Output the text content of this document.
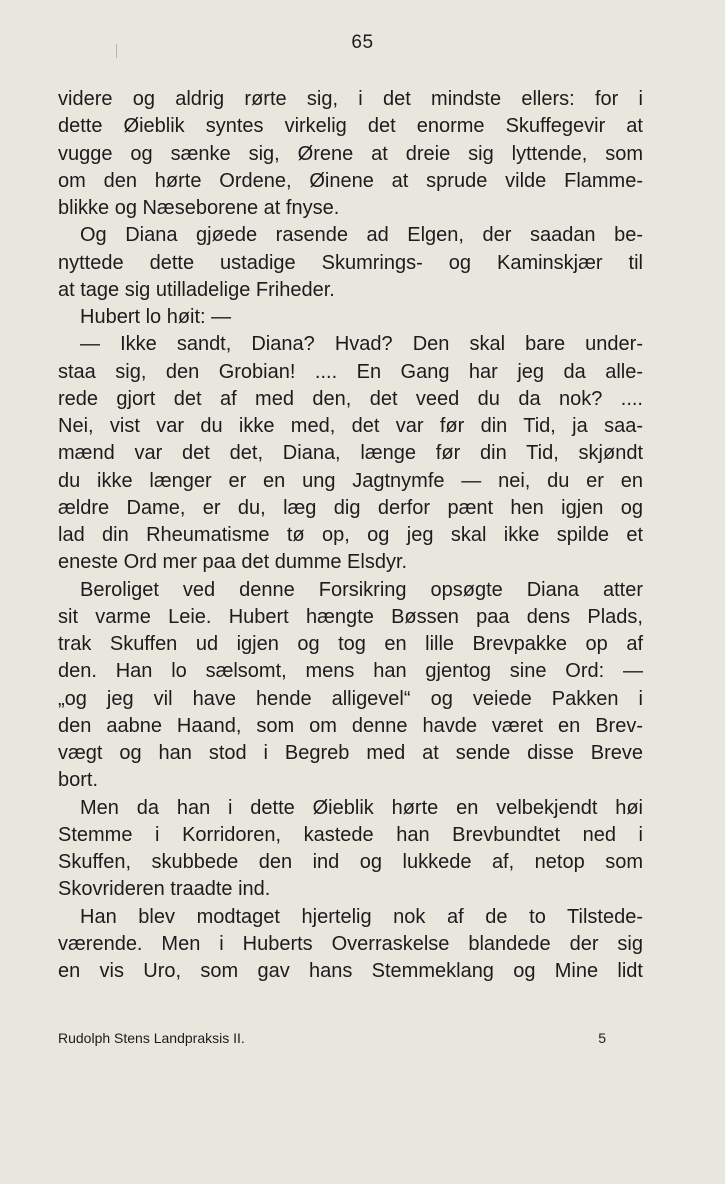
65
videre og aldrig rørte sig, i det mindste ellers: for i
dette Øieblik syntes virkelig det enorme Skuffegevir at
vugge og sænke sig, Ørene at dreie sig lyttende, som
om den hørte Ordene, Øinene at sprude vilde Flamme-
blikke og Næseborene at fnyse.
Og Diana gjøede rasende ad Elgen, der saadan be-
nyttede dette ustadige Skumrings- og Kaminskjær til
at tage sig utilladelige Friheder.
Hubert lo høit: —
— Ikke sandt, Diana? Hvad? Den skal bare under-
staa sig, den Grobian! .... En Gang har jeg da alle-
rede gjort det af med den, det veed du da nok? ....
Nei, vist var du ikke med, det var før din Tid, ja saa-
mænd var det det, Diana, længe før din Tid, skjøndt
du ikke længer er en ung Jagtnymfe — nei, du er en
ældre Dame, er du, læg dig derfor pænt hen igjen og
lad din Rheumatisme tø op, og jeg skal ikke spilde et
eneste Ord mer paa det dumme Elsdyr.
Beroliget ved denne Forsikring opsøgte Diana atter
sit varme Leie. Hubert hængte Bøssen paa dens Plads,
trak Skuffen ud igjen og tog en lille Brevpakke op af
den. Han lo sælsomt, mens han gjentog sine Ord: —
„og jeg vil have hende alligevel“ og veiede Pakken i
den aabne Haand, som om denne havde været en Brev-
vægt og han stod i Begreb med at sende disse Breve
bort.
Men da han i dette Øieblik hørte en velbekjendt høi
Stemme i Korridoren, kastede han Brevbundtet ned i
Skuffen, skubbede den ind og lukkede af, netop som
Skovrideren traadte ind.
Han blev modtaget hjertelig nok af de to Tilstede-
værende. Men i Huberts Overraskelse blandede der sig
en vis Uro, som gav hans Stemmeklang og Mine lidt
Rudolph Stens Landpraksis II.	5
